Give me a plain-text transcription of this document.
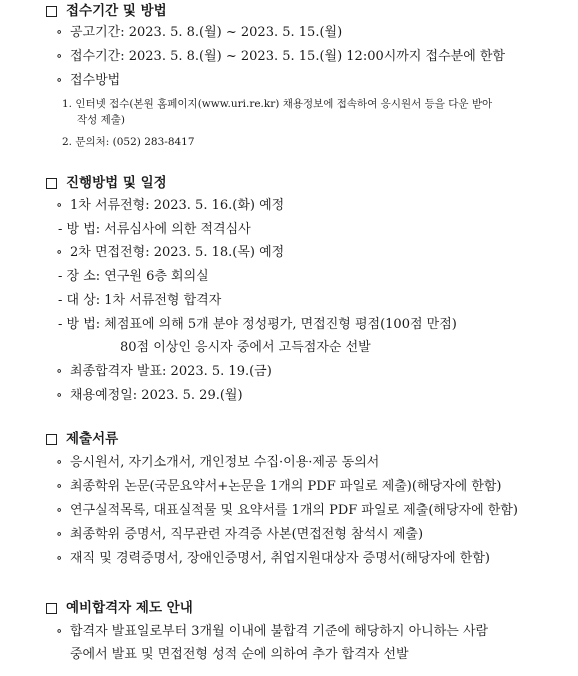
접수기간 및 방법
∘ 공고기간: 2023. 5. 8.(월) ~ 2023. 5. 15.(월)
∘ 접수기간: 2023. 5. 8.(월) ~ 2023. 5. 15.(월) 12:00시까지 접수분에 한함
∘ 접수방법
1. 인터넷 접수(본원 홈페이지(www.uri.re.kr) 채용정보에 접속하여 응시원서 등을 다운 받아
작성 제출)
2. 문의처: (052) 283-8417
진행방법 및 일정
∘ 1차 서류전형: 2023. 5. 16.(화) 예정
- 방 법: 서류심사에 의한 적격심사
∘ 2차 면접전형: 2023. 5. 18.(목) 예정
- 장 소: 연구원 6층 회의실
- 대 상: 1차 서류전형 합격자
- 방 법: 체점표에 의해 5개 분야 정성평가, 면접진형 평점(100점 만점)
80점 이상인 응시자 중에서 고득점자순 선발
∘ 최종합격자 발표: 2023. 5. 19.(금)
∘ 채용예정일: 2023. 5. 29.(월)
제출서류
∘ 응시원서, 자기소개서, 개인정보 수집·이용·제공 동의서
∘ 최종학위 논문(국문요약서+논문을 1개의 PDF 파일로 제출)(해당자에 한함)
∘ 연구실적목록, 대표실적물 및 요약서를 1개의 PDF 파일로 제출(해당자에 한함)
∘ 최종학위 증명서, 직무관련 자격증 사본(면접전형 참석시 제출)
∘ 재직 및 경력증명서, 장애인증명서, 취업지원대상자 증명서(해당자에 한함)
예비합격자 제도 안내
∘ 합격자 발표일로부터 3개월 이내에 불합격 기준에 해당하지 아니하는 사람
중에서 발표 및 면접전형 성적 순에 의하여 추가 합격자 선발
